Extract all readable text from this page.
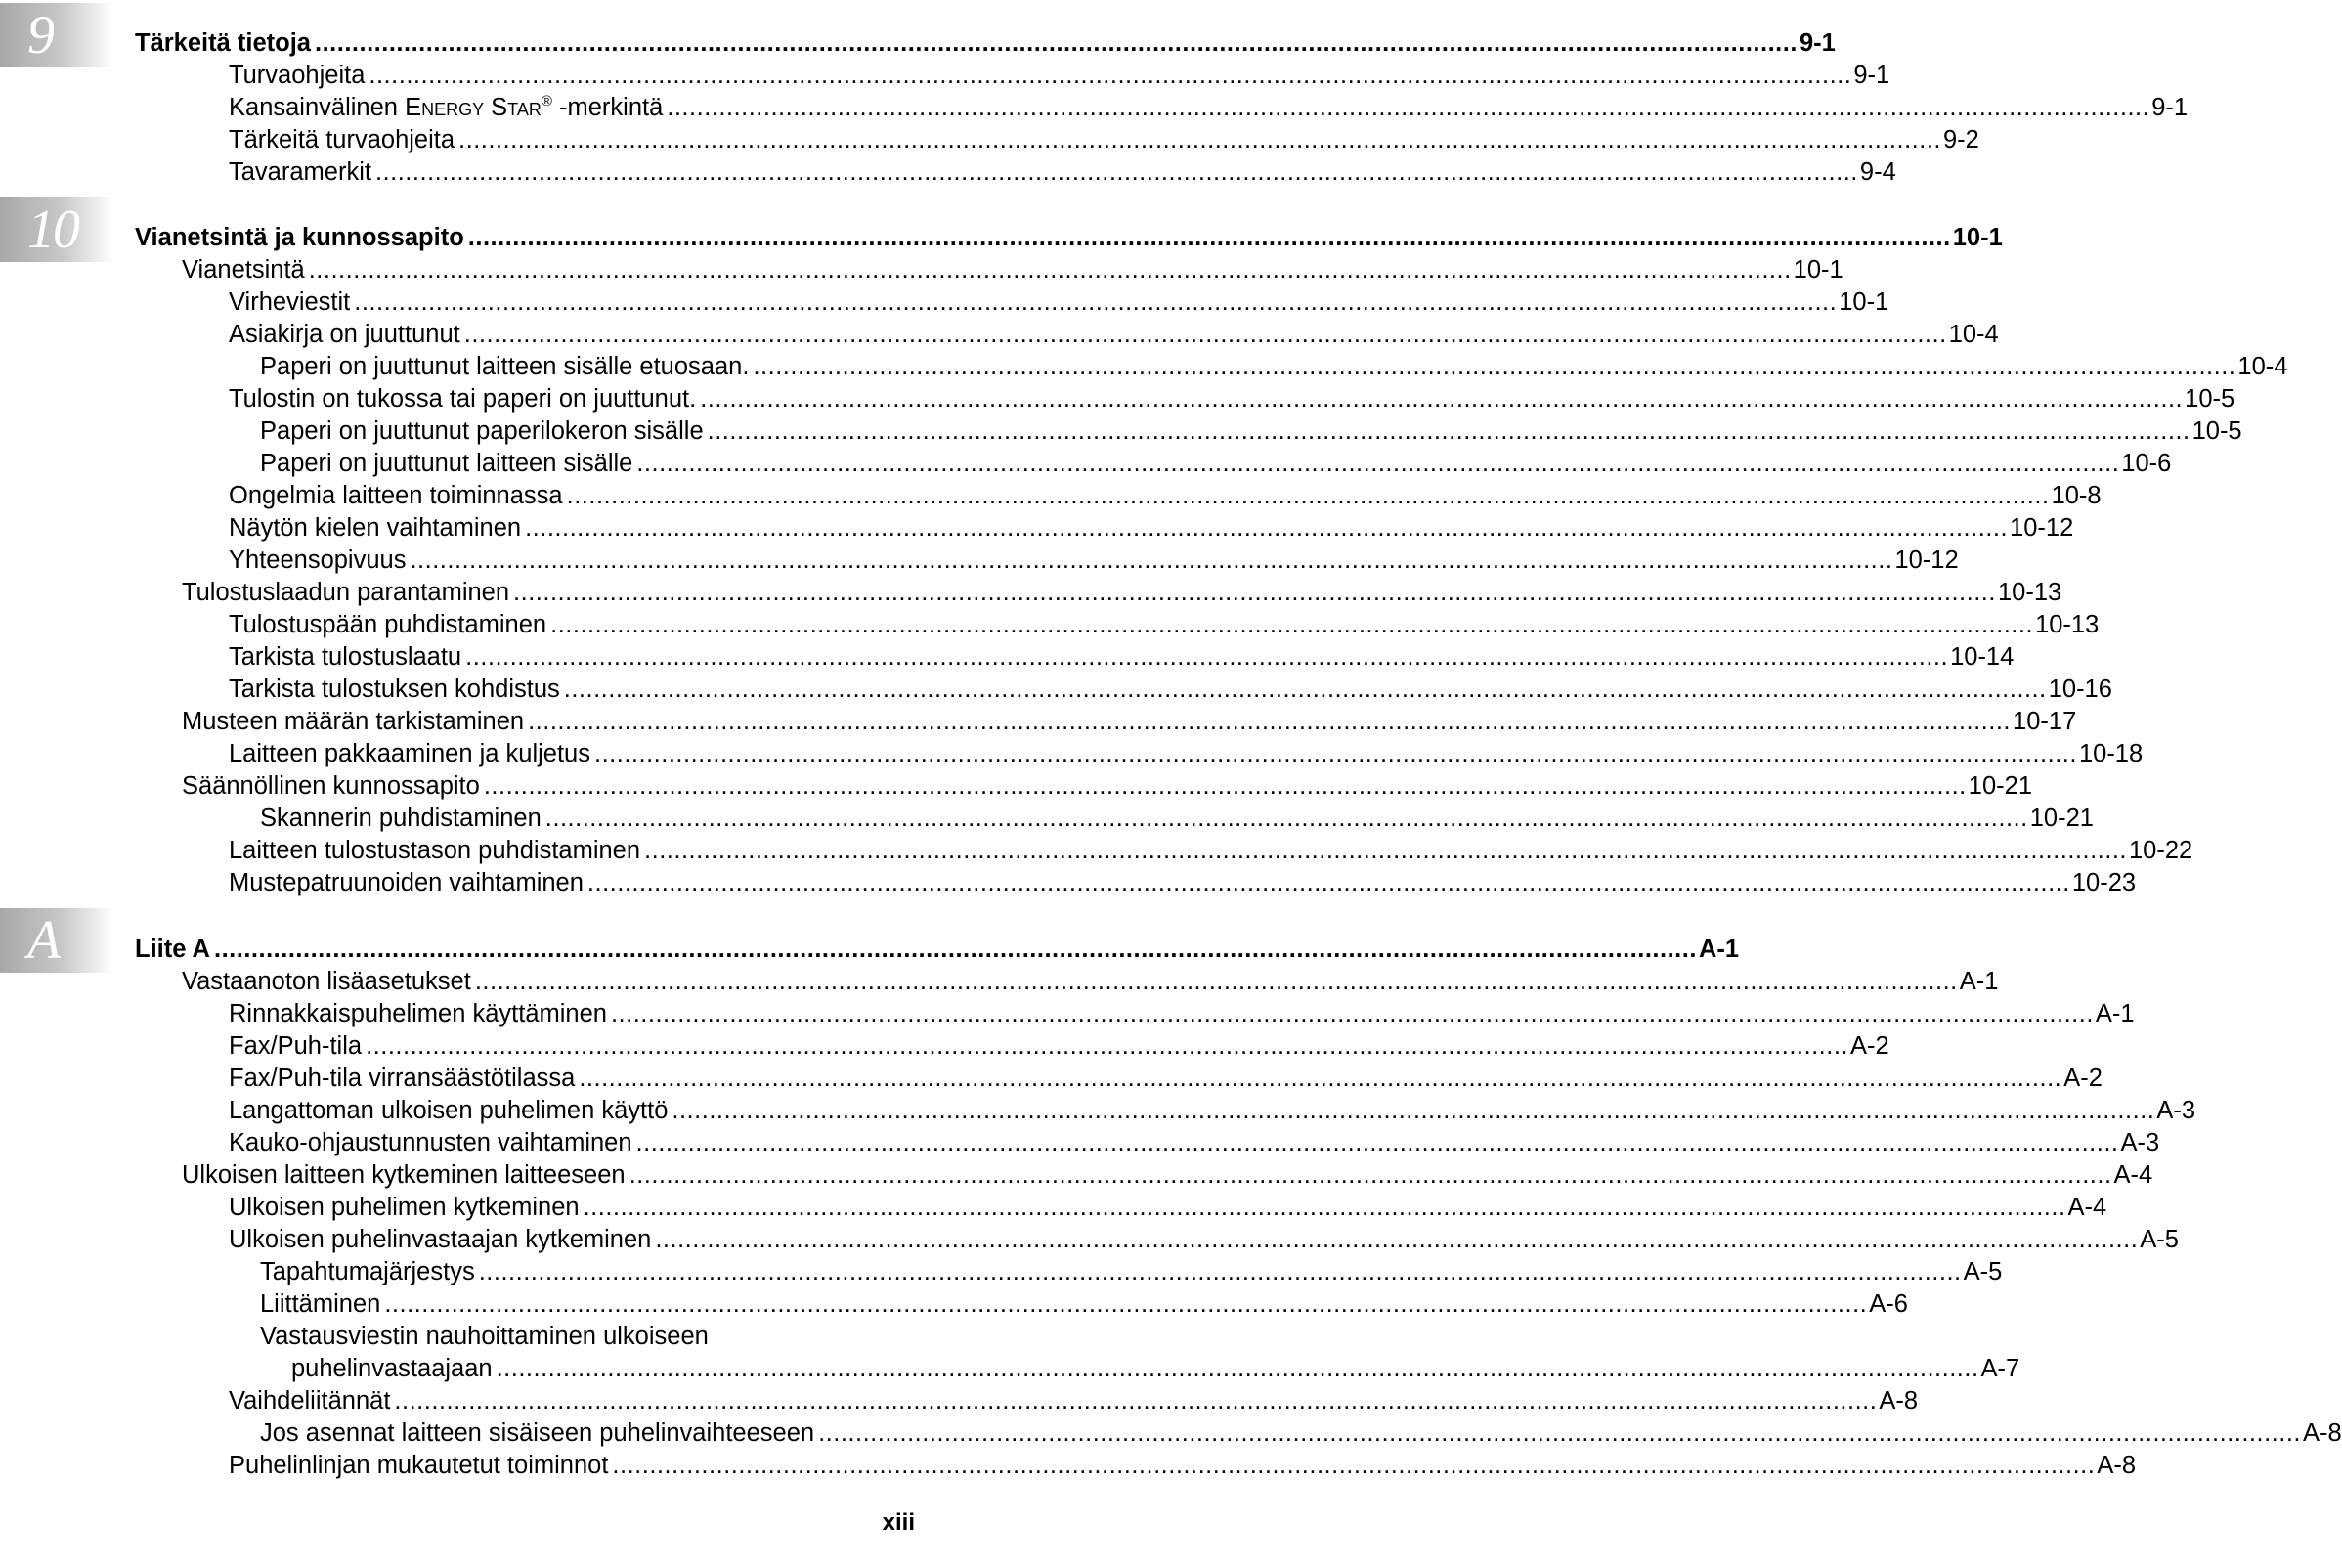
9
10
A
Tärkeitä tietoja ........................................................................................................................................................................................................ 9-1
Turvaohjeita ........................................................................................................................................................................................................ 9-1
Kansainvälinen Energy Star® -merkintä ........................................................................................................................................................................................................ 9-1
Tärkeitä turvaohjeita ........................................................................................................................................................................................................ 9-2
Tavaramerkit ........................................................................................................................................................................................................ 9-4
Vianetsintä ja kunnossapito ........................................................................................................................................................................................................ 10-1
Vianetsintä ........................................................................................................................................................................................................ 10-1
Virheviestit ........................................................................................................................................................................................................ 10-1
Asiakirja on juuttunut ........................................................................................................................................................................................................ 10-4
Paperi on juuttunut laitteen sisälle etuosaan. ........................................................................................................................................................................................................ 10-4
Tulostin on tukossa tai paperi on juuttunut. ........................................................................................................................................................................................................ 10-5
Paperi on juuttunut paperilokeron sisälle ........................................................................................................................................................................................................ 10-5
Paperi on juuttunut laitteen sisälle ........................................................................................................................................................................................................ 10-6
Ongelmia laitteen toiminnassa ........................................................................................................................................................................................................ 10-8
Näytön kielen vaihtaminen ........................................................................................................................................................................................................ 10-12
Yhteensopivuus ........................................................................................................................................................................................................ 10-12
Tulostuslaadun parantaminen ........................................................................................................................................................................................................ 10-13
Tulostuspään puhdistaminen ........................................................................................................................................................................................................ 10-13
Tarkista tulostuslaatu ........................................................................................................................................................................................................ 10-14
Tarkista tulostuksen kohdistus ........................................................................................................................................................................................................ 10-16
Musteen määrän tarkistaminen ........................................................................................................................................................................................................ 10-17
Laitteen pakkaaminen ja kuljetus ........................................................................................................................................................................................................ 10-18
Säännöllinen kunnossapito ........................................................................................................................................................................................................ 10-21
Skannerin puhdistaminen ........................................................................................................................................................................................................ 10-21
Laitteen tulostustason puhdistaminen ........................................................................................................................................................................................................ 10-22
Mustepatruunoiden vaihtaminen ........................................................................................................................................................................................................ 10-23
Liite A ........................................................................................................................................................................................................ A-1
Vastaanoton lisäasetukset ........................................................................................................................................................................................................ A-1
Rinnakkaispuhelimen käyttäminen ........................................................................................................................................................................................................ A-1
Fax/Puh-tila ........................................................................................................................................................................................................ A-2
Fax/Puh-tila virransäästötilassa ........................................................................................................................................................................................................ A-2
Langattoman ulkoisen puhelimen käyttö ........................................................................................................................................................................................................ A-3
Kauko-ohjaustunnusten vaihtaminen ........................................................................................................................................................................................................ A-3
Ulkoisen laitteen kytkeminen laitteeseen ........................................................................................................................................................................................................ A-4
Ulkoisen puhelimen kytkeminen ........................................................................................................................................................................................................ A-4
Ulkoisen puhelinvastaajan kytkeminen ........................................................................................................................................................................................................ A-5
Tapahtumajärjestys ........................................................................................................................................................................................................ A-5
Liittäminen ........................................................................................................................................................................................................ A-6
Vastausviestin nauhoittaminen ulkoiseen
puhelinvastaajaan ........................................................................................................................................................................................................ A-7
Vaihdeliitännät ........................................................................................................................................................................................................ A-8
Jos asennat laitteen sisäiseen puhelinvaihteeseen ........................................................................................................................................................................................................ A-8
Puhelinlinjan mukautetut toiminnot ........................................................................................................................................................................................................ A-8
xiii
